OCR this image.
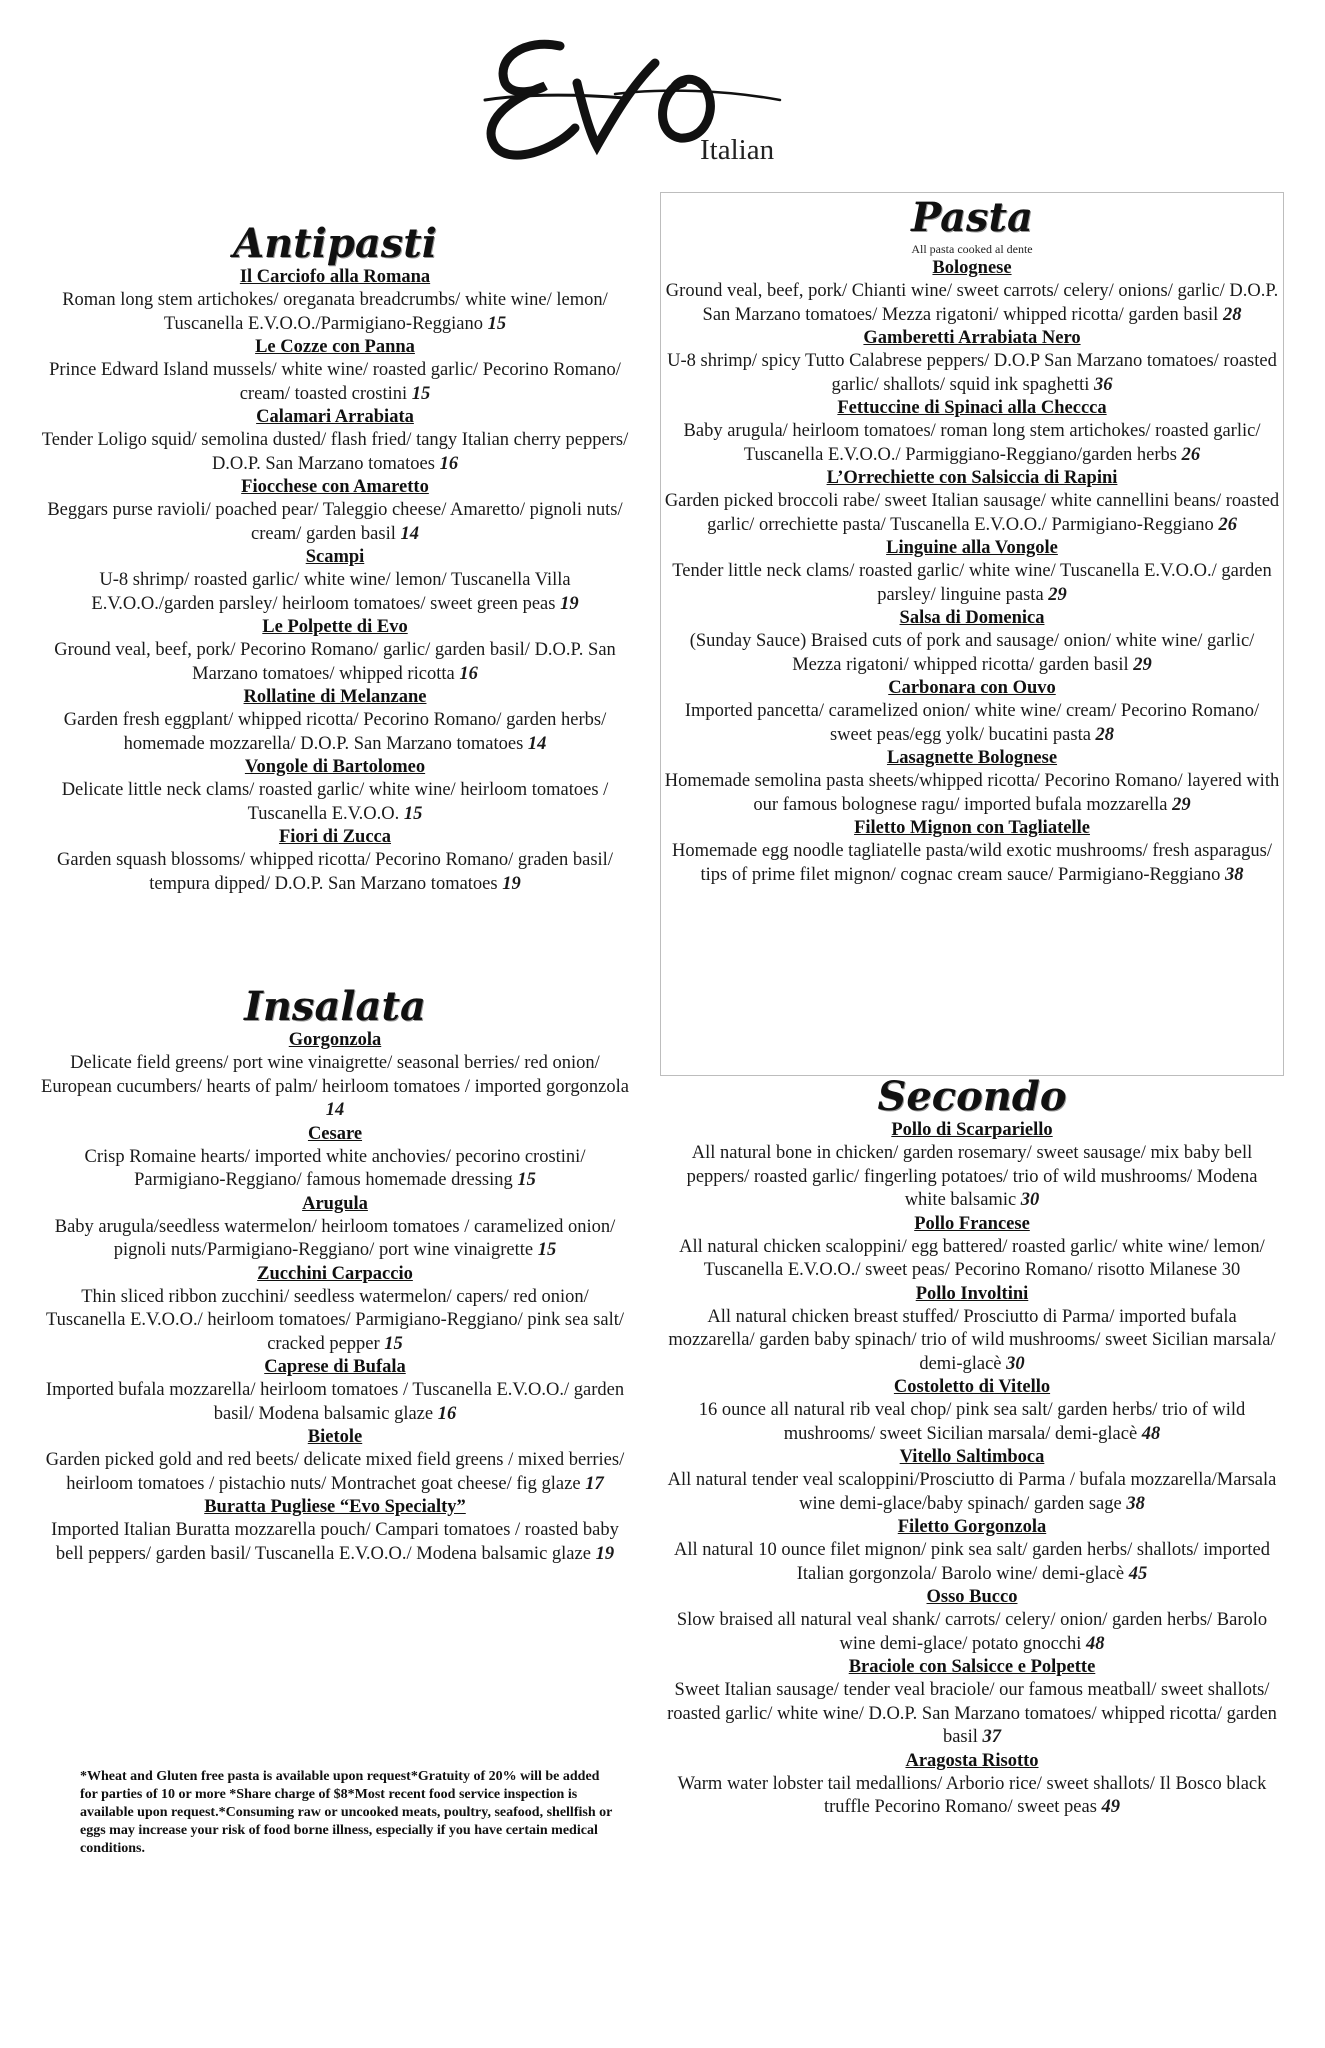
Italian
Antipasti
Il Carciofo alla Romana
Roman long stem artichokes/ oreganata breadcrumbs/ white wine/ lemon/ Tuscanella E.V.O.O./Parmigiano-Reggiano 15
Le Cozze con Panna
Prince Edward Island mussels/ white wine/ roasted garlic/ Pecorino Romano/ cream/ toasted crostini 15
Calamari Arrabiata
Tender Loligo squid/ semolina dusted/ flash fried/ tangy Italian cherry peppers/ D.O.P. San Marzano tomatoes 16
Fiocchese con Amaretto
Beggars purse ravioli/ poached pear/ Taleggio cheese/ Amaretto/ pignoli nuts/ cream/ garden basil 14
Scampi
U-8 shrimp/ roasted garlic/ white wine/ lemon/ Tuscanella Villa E.V.O.O./garden parsley/ heirloom tomatoes/ sweet green peas 19
Le Polpette di Evo
Ground veal, beef, pork/ Pecorino Romano/ garlic/ garden basil/ D.O.P. San Marzano tomatoes/ whipped ricotta 16
Rollatine di Melanzane
Garden fresh eggplant/ whipped ricotta/ Pecorino Romano/ garden herbs/ homemade mozzarella/ D.O.P. San Marzano tomatoes 14
Vongole di Bartolomeo
Delicate little neck clams/ roasted garlic/ white wine/ heirloom tomatoes / Tuscanella E.V.O.O. 15
Fiori di Zucca
Garden squash blossoms/ whipped ricotta/ Pecorino Romano/ graden basil/ tempura dipped/ D.O.P. San Marzano tomatoes 19
Insalata
Gorgonzola
Delicate field greens/ port wine vinaigrette/ seasonal berries/ red onion/ European cucumbers/ hearts of palm/ heirloom tomatoes / imported gorgonzola 14
Cesare
Crisp Romaine hearts/ imported white anchovies/ pecorino crostini/ Parmigiano-Reggiano/ famous homemade dressing 15
Arugula
Baby arugula/seedless watermelon/ heirloom tomatoes / caramelized onion/ pignoli nuts/Parmigiano-Reggiano/ port wine vinaigrette 15
Zucchini Carpaccio
Thin sliced ribbon zucchini/ seedless watermelon/ capers/ red onion/ Tuscanella E.V.O.O./ heirloom tomatoes/ Parmigiano-Reggiano/ pink sea salt/ cracked pepper 15
Caprese di Bufala
Imported bufala mozzarella/ heirloom tomatoes / Tuscanella E.V.O.O./ garden basil/ Modena balsamic glaze 16
Bietole
Garden picked gold and red beets/ delicate mixed field greens / mixed berries/ heirloom tomatoes / pistachio nuts/ Montrachet goat cheese/ fig glaze 17
Buratta Pugliese “Evo Specialty”
Imported Italian Buratta mozzarella pouch/ Campari tomatoes / roasted baby bell peppers/ garden basil/ Tuscanella E.V.O.O./ Modena balsamic glaze 19
Pasta

All pasta cooked al dente

Bolognese
Ground veal, beef, pork/ Chianti wine/ sweet carrots/ celery/ onions/ garlic/ D.O.P. San Marzano tomatoes/ Mezza rigatoni/ whipped ricotta/ garden basil 28
Gamberetti Arrabiata Nero
U-8 shrimp/ spicy Tutto Calabrese peppers/ D.O.P San Marzano tomatoes/ roasted garlic/ shallots/ squid ink spaghetti 36
Fettuccine di Spinaci alla Checcca
Baby arugula/ heirloom tomatoes/ roman long stem artichokes/ roasted garlic/ Tuscanella E.V.O.O./ Parmiggiano-Reggiano/garden herbs 26
L’Orrechiette con Salsiccia di Rapini
Garden picked broccoli rabe/ sweet Italian sausage/ white cannellini beans/ roasted garlic/ orrechiette pasta/ Tuscanella E.V.O.O./ Parmigiano-Reggiano 26
Linguine alla Vongole
Tender little neck clams/ roasted garlic/ white wine/ Tuscanella E.V.O.O./ garden parsley/ linguine pasta 29
Salsa di Domenica
(Sunday Sauce) Braised cuts of pork and sausage/ onion/ white wine/ garlic/ Mezza rigatoni/ whipped ricotta/ garden basil 29
Carbonara con Ouvo
Imported pancetta/ caramelized onion/ white wine/ cream/ Pecorino Romano/ sweet peas/egg yolk/ bucatini pasta 28
Lasagnette Bolognese
Homemade semolina pasta sheets/whipped ricotta/ Pecorino Romano/ layered with our famous bolognese ragu/ imported bufala mozzarella 29
Filetto Mignon con Tagliatelle
Homemade egg noodle tagliatelle pasta/wild exotic mushrooms/ fresh asparagus/ tips of prime filet mignon/ cognac cream sauce/ Parmigiano-Reggiano 38
Secondo
Pollo di Scarpariello
All natural bone in chicken/ garden rosemary/ sweet sausage/ mix baby bell peppers/ roasted garlic/ fingerling potatoes/ trio of wild mushrooms/ Modena white balsamic 30
Pollo Francese
All natural chicken scaloppini/ egg battered/ roasted garlic/ white wine/ lemon/ Tuscanella E.V.O.O./ sweet peas/ Pecorino Romano/ risotto Milanese 30
Pollo Involtini
All natural chicken breast stuffed/ Prosciutto di Parma/ imported bufala mozzarella/ garden baby spinach/ trio of wild mushrooms/ sweet Sicilian marsala/ demi-glacè 30
Costoletto di Vitello
16 ounce all natural rib veal chop/ pink sea salt/ garden herbs/ trio of wild mushrooms/ sweet Sicilian marsala/ demi-glacè 48
Vitello Saltimboca
All natural tender veal scaloppini/Prosciutto di Parma / bufala mozzarella/Marsala wine demi-glace/baby spinach/ garden sage 38
Filetto Gorgonzola
All natural 10 ounce filet mignon/ pink sea salt/ garden herbs/ shallots/ imported Italian gorgonzola/ Barolo wine/ demi-glacè 45
Osso Bucco
Slow braised all natural veal shank/ carrots/ celery/ onion/ garden herbs/ Barolo wine demi-glace/ potato gnocchi 48
Braciole con Salsicce e Polpette
Sweet Italian sausage/ tender veal braciole/ our famous meatball/ sweet shallots/ roasted garlic/ white wine/ D.O.P. San Marzano tomatoes/ whipped ricotta/ garden basil 37
Aragosta Risotto
Warm water lobster tail medallions/ Arborio rice/ sweet shallots/ Il Bosco black truffle Pecorino Romano/ sweet peas 49

*Wheat and Gluten free pasta is available upon request*Gratuity of 20% will be added for parties of 10 or more *Share charge of $8*Most recent food service inspection is available upon request.*Consuming raw or uncooked meats, poultry, seafood, shellfish or eggs may increase your risk of food borne illness, especially if you have certain medical conditions.
